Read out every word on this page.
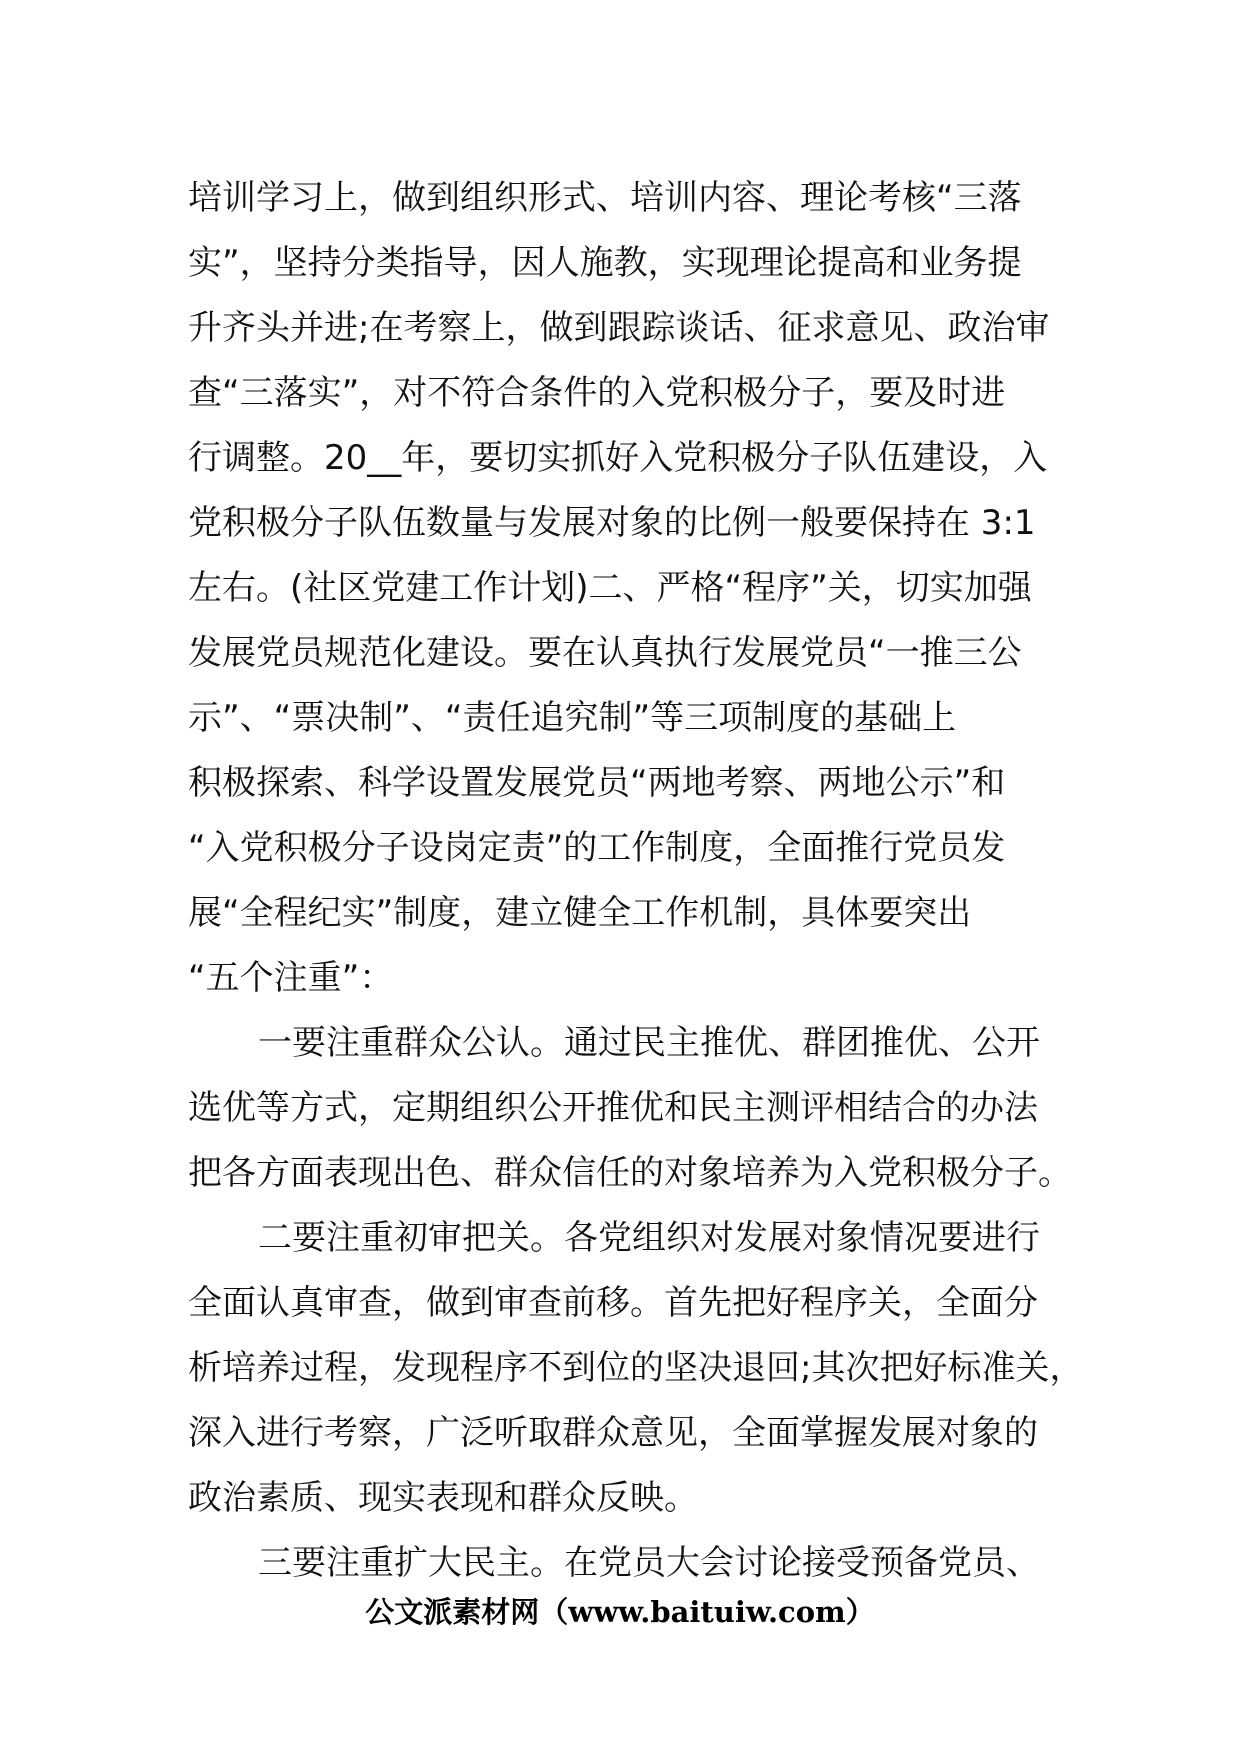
培训学习上，做到组织形式、培训内容、理论考核“三落
实”，坚持分类指导，因人施教，实现理论提高和业务提
升齐头并进;在考察上，做到跟踪谈话、征求意见、政治审
查“三落实”，对不符合条件的入党积极分子，要及时进
行调整。20__年，要切实抓好入党积极分子队伍建设，入
党积极分子队伍数量与发展对象的比例一般要保持在 3:1
左右。(社区党建工作计划)二、严格“程序”关，切实加强
发展党员规范化建设。要在认真执行发展党员“一推三公
示”、“票决制”、“责任追究制”等三项制度的基础上
积极探索、科学设置发展党员“两地考察、两地公示”和
“入党积极分子设岗定责”的工作制度，全面推行党员发
展“全程纪实”制度，建立健全工作机制，具体要突出
“五个注重”：
一要注重群众公认。通过民主推优、群团推优、公开
选优等方式，定期组织公开推优和民主测评相结合的办法
把各方面表现出色、群众信任的对象培养为入党积极分子。
二要注重初审把关。各党组织对发展对象情况要进行
全面认真审查，做到审查前移。首先把好程序关，全面分
析培养过程，发现程序不到位的坚决退回;其次把好标准关，
深入进行考察，广泛听取群众意见，全面掌握发展对象的
政治素质、现实表现和群众反映。
三要注重扩大民主。在党员大会讨论接受预备党员、
公文派素材网（www.baituiw.com）
